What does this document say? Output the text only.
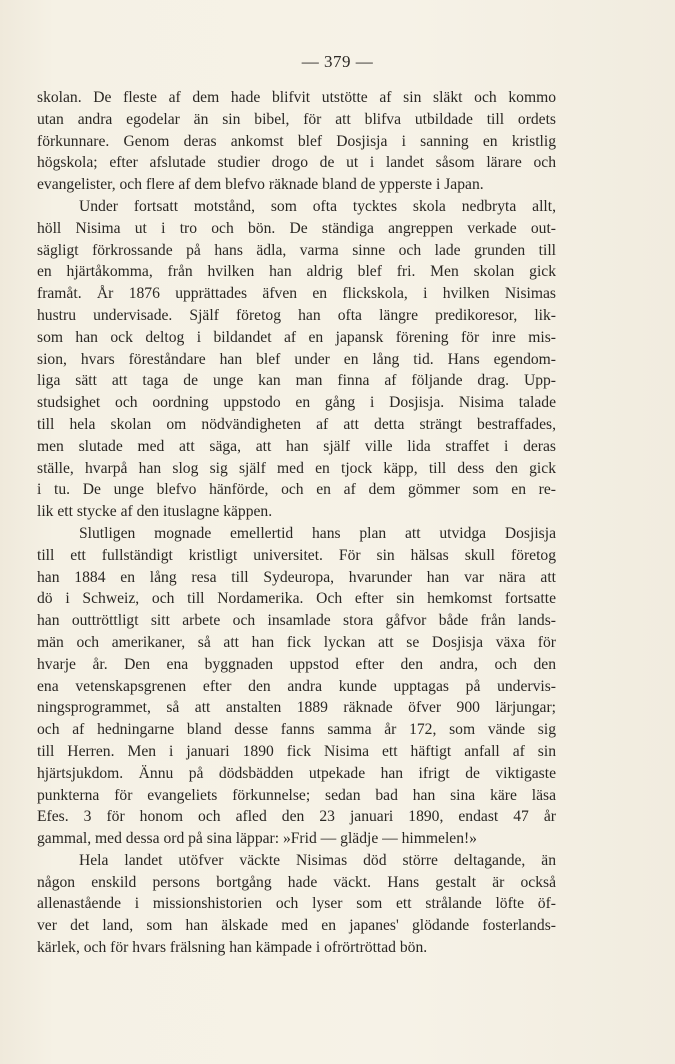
— 379 —
skolan. De fleste af dem hade blifvit utstötte af sin släkt och kommo
utan andra egodelar än sin bibel, för att blifva utbildade till ordets
förkunnare. Genom deras ankomst blef Dosjisja i sanning en kristlig
högskola; efter afslutade studier drogo de ut i landet såsom lärare och
evangelister, och flere af dem blefvo räknade bland de ypperste i Japan.
Under fortsatt motstånd, som ofta tycktes skola nedbryta allt,
höll Nisima ut i tro och bön. De ständiga angreppen verkade out-
sägligt förkrossande på hans ädla, varma sinne och lade grunden till
en hjärtåkomma, från hvilken han aldrig blef fri. Men skolan gick
framåt. År 1876 upprättades äfven en flickskola, i hvilken Nisimas
hustru undervisade. Själf företog han ofta längre predikoresor, lik-
som han ock deltog i bildandet af en japansk förening för inre mis-
sion, hvars föreståndare han blef under en lång tid. Hans egendom-
liga sätt att taga de unge kan man finna af följande drag. Upp-
studsighet och oordning uppstodo en gång i Dosjisja. Nisima talade
till hela skolan om nödvändigheten af att detta strängt bestraffades,
men slutade med att säga, att han själf ville lida straffet i deras
ställe, hvarpå han slog sig själf med en tjock käpp, till dess den gick
i tu. De unge blefvo hänförde, och en af dem gömmer som en re-
lik ett stycke af den ituslagne käppen.
Slutligen mognade emellertid hans plan att utvidga Dosjisja
till ett fullständigt kristligt universitet. För sin hälsas skull företog
han 1884 en lång resa till Sydeuropa, hvarunder han var nära att
dö i Schweiz, och till Nordamerika. Och efter sin hemkomst fortsatte
han outtröttligt sitt arbete och insamlade stora gåfvor både från lands-
män och amerikaner, så att han fick lyckan att se Dosjisja växa för
hvarje år. Den ena byggnaden uppstod efter den andra, och den
ena vetenskapsgrenen efter den andra kunde upptagas på undervis-
ningsprogrammet, så att anstalten 1889 räknade öfver 900 lärjungar;
och af hedningarne bland desse fanns samma år 172, som vände sig
till Herren. Men i januari 1890 fick Nisima ett häftigt anfall af sin
hjärtsjukdom. Ännu på dödsbädden utpekade han ifrigt de viktigaste
punkterna för evangeliets förkunnelse; sedan bad han sina käre läsa
Efes. 3 för honom och afled den 23 januari 1890, endast 47 år
gammal, med dessa ord på sina läppar: »Frid — glädje — himmelen!»
Hela landet utöfver väckte Nisimas död större deltagande, än
någon enskild persons bortgång hade väckt. Hans gestalt är också
allenastående i missionshistorien och lyser som ett strålande löfte öf-
ver det land, som han älskade med en japanes' glödande fosterlands-
kärlek, och för hvars frälsning han kämpade i ofrörtröttad bön.
